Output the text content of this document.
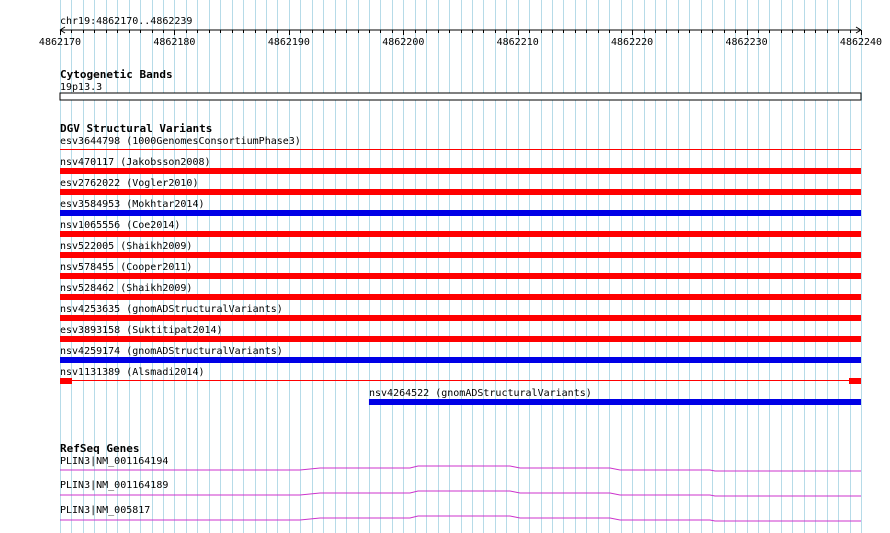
chr19:4862170..4862239
4862170	4862180	4862190	4862200	4862210	4862220	4862230	4862240
Cytogenetic Bands
19p13.3
DGV Structural Variants
esv3644798 (1000GenomesConsortiumPhase3)
nsv470117 (Jakobsson2008)
esv2762022 (Vogler2010)
esv3584953 (Mokhtar2014)
nsv1065556 (Coe2014)
nsv522005 (Shaikh2009)
nsv578455 (Cooper2011)
nsv528462 (Shaikh2009)
nsv4253635 (gnomADStructuralVariants)
esv3893158 (Suktitipat2014)
nsv4259174 (gnomADStructuralVariants)
nsv1131389 (Alsmadi2014)
nsv4264522 (gnomADStructuralVariants)
RefSeq Genes
PLIN3|NM_001164194
PLIN3|NM_001164189
PLIN3|NM_005817
